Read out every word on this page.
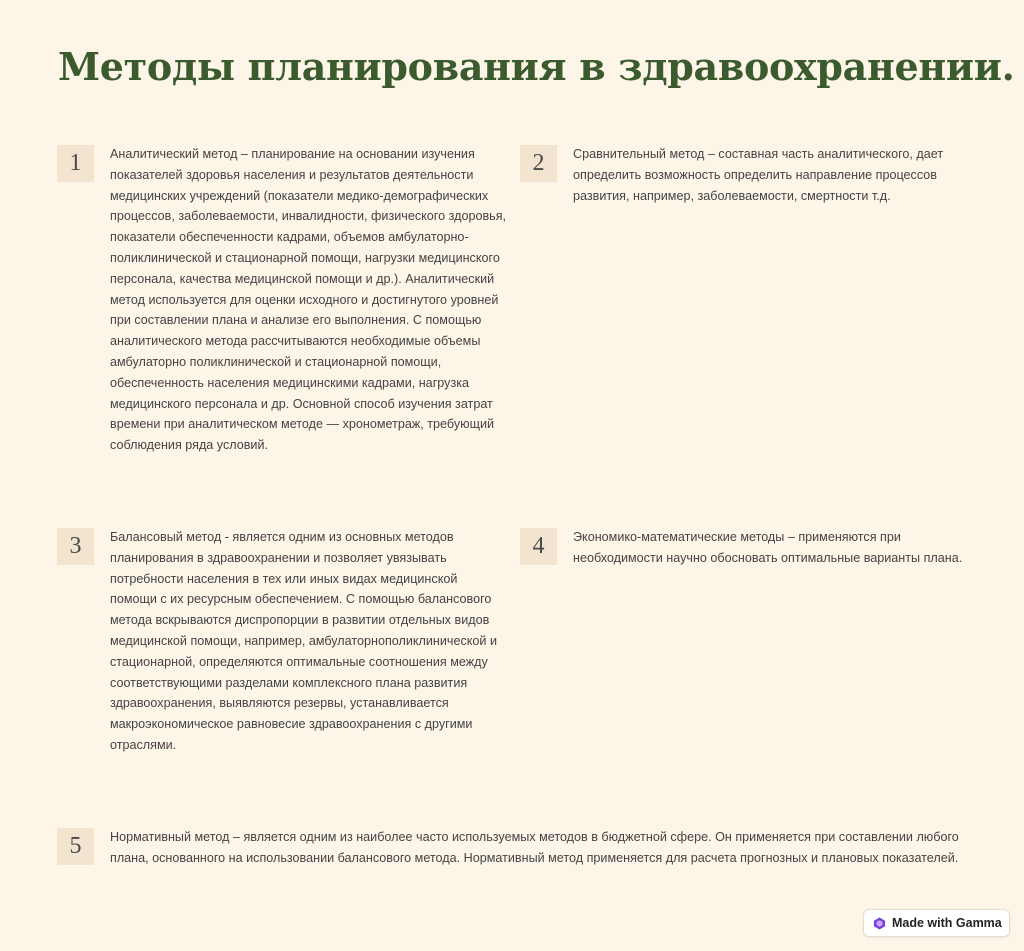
Методы планирования в здравоохранении.
1	Аналитический метод – планирование на основании изучения показателей здоровья населения и результатов деятельности медицинских учреждений (показатели медико-демографических процессов, заболеваемости, инвалидности, физического здоровья, показатели обеспеченности кадрами, объемов амбулаторно-поликлинической и стационарной помощи, нагрузки медицинского персонала, качества медицинской помощи и др.). Аналитический метод используется для оценки исходного и достигнутого уровней при составлении плана и анализе его выполнения. С помощью аналитического метода рассчитываются необходимые объемы амбулаторно поликлинической и стационарной помощи, обеспеченность населения медицинскими кадрами, нагрузка медицинского персонала и др. Основной способ изучения затрат времени при аналитическом методе — хронометраж, требующий соблюдения ряда условий.
2	Сравнительный метод – составная часть аналитического, дает определить возможность определить направление процессов развития, например, заболеваемости, смертности т.д.
3	Балансовый метод - является одним из основных методов планирования в здравоохранении и позволяет увязывать потребности населения в тех или иных видах медицинской помощи с их ресурсным обеспечением. С помощью балансового метода вскрываются диспропорции в развитии отдельных видов медицинской помощи, например, амбулаторнополиклинической и стационарной, определяются оптимальные соотношения между соответствующими разделами комплексного плана развития здравоохранения, выявляются резервы, устанавливается макроэкономическое равновесие здравоохранения с другими отраслями.
4	Экономико-математические методы – применяются при необходимости научно обосновать оптимальные варианты плана.
5	Нормативный метод – является одним из наиболее часто используемых методов в бюджетной сфере. Он применяется при составлении любого плана, основанного на использовании балансового метода. Нормативный метод применяется для расчета прогнозных и плановых показателей.
Made with Gamma
